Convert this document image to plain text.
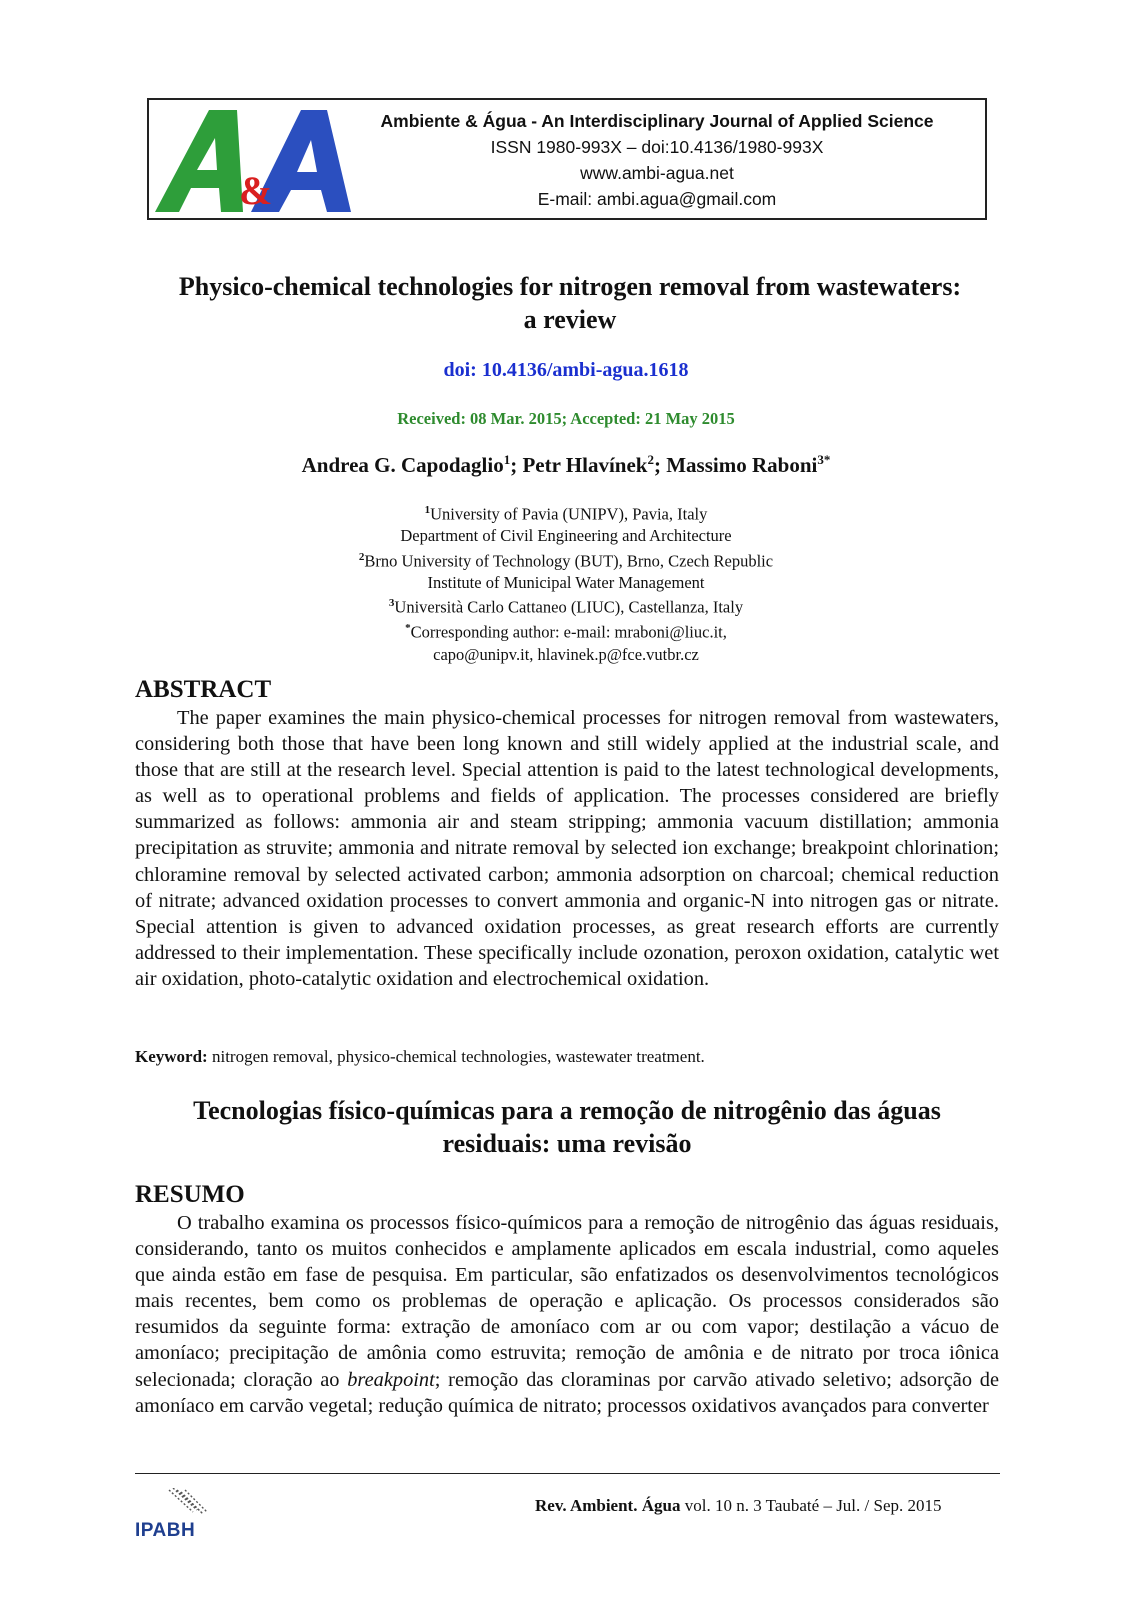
&
Ambiente & Água - An Interdisciplinary Journal of Applied Science
ISSN 1980-993X – doi:10.4136/1980-993X
www.ambi-agua.net
E-mail: ambi.agua@gmail.com
Physico-chemical technologies for nitrogen removal from wastewaters:
a review
doi: 10.4136/ambi-agua.1618
Received: 08 Mar. 2015; Accepted: 21 May 2015
Andrea G. Capodaglio$^1$; Petr Hlavínek$^2$; Massimo Raboni$^{3*}$
$^1$University of Pavia (UNIPV), Pavia, Italy
Department of Civil Engineering and Architecture
$^2$Brno University of Technology (BUT), Brno, Czech Republic
Institute of Municipal Water Management
$^3$Università Carlo Cattaneo (LIUC), Castellanza, Italy
*Corresponding author: e-mail: mraboni@liuc.it,
capo@unipv.it, hlavinek.p@fce.vutbr.cz
ABSTRACT

The paper examines the main physico-chemical processes for nitrogen removal from wastewaters, considering both those that have been long known and still widely applied at the industrial scale, and those that are still at the research level. Special attention is paid to the latest technological developments, as well as to operational problems and fields of application. The processes considered are briefly summarized as follows: ammonia air and steam stripping; ammonia vacuum distillation; ammonia precipitation as struvite; ammonia and nitrate removal by selected ion exchange; breakpoint chlorination; chloramine removal by selected activated carbon; ammonia adsorption on charcoal; chemical reduction of nitrate; advanced oxidation processes to convert ammonia and organic-N into nitrogen gas or nitrate. Special attention is given to advanced oxidation processes, as great research efforts are currently addressed to their implementation. These specifically include ozonation, peroxon oxidation, catalytic wet air oxidation, photo-catalytic oxidation and electrochemical oxidation.

Keyword: nitrogen removal, physico-chemical technologies, wastewater treatment.
Tecnologias físico-químicas para a remoção de nitrogênio das águas
residuais: uma revisão
RESUMO

O trabalho examina os processos físico-químicos para a remoção de nitrogênio das águas residuais, considerando, tanto os muitos conhecidos e amplamente aplicados em escala industrial, como aqueles que ainda estão em fase de pesquisa. Em particular, são enfatizados os desenvolvimentos tecnológicos mais recentes, bem como os problemas de operação e aplicação. Os processos considerados são resumidos da seguinte forma: extração de amoníaco com ar ou com vapor; destilação a vácuo de amoníaco; precipitação de amônia como estruvita; remoção de amônia e de nitrato por troca iônica selecionada; cloração ao breakpoint; remoção das cloraminas por carvão ativado seletivo; adsorção de amoníaco em carvão vegetal; redução química de nitrato; processos oxidativos avançados para converter

IPABH
Rev. Ambient. Água vol. 10 n. 3 Taubaté – Jul. / Sep. 2015
